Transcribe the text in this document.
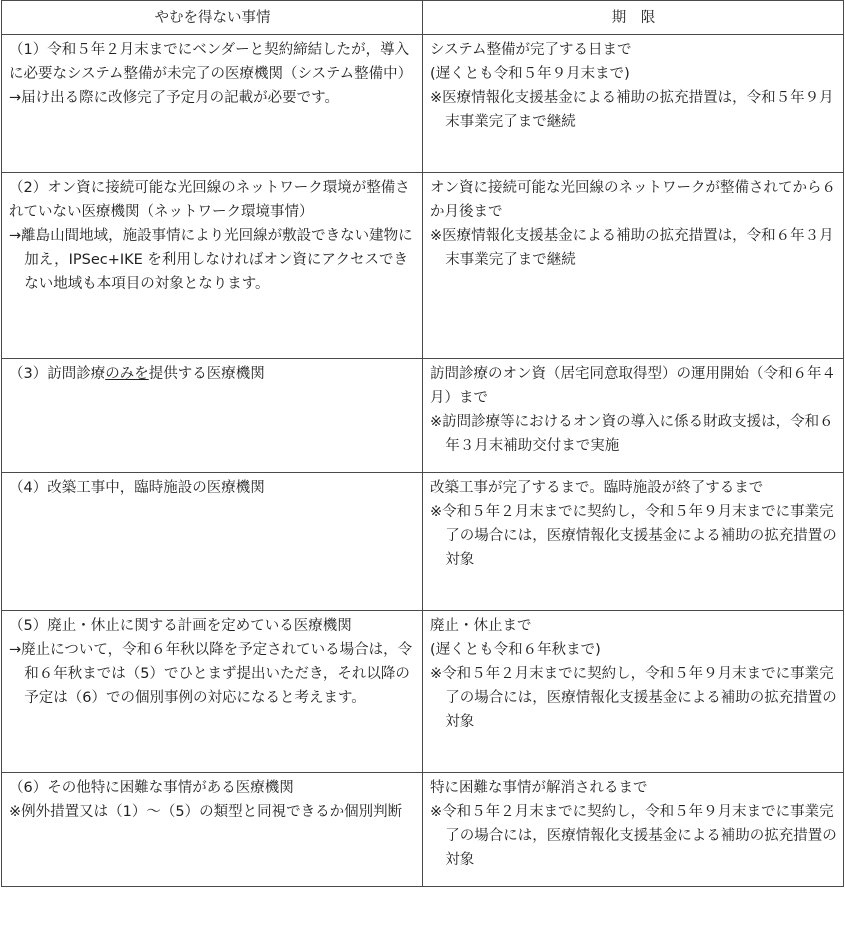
やむを得ない事情	期　限

（1）令和５年２月末までにベンダーと契約締結したが，導入に必要なシステム整備が未完了の医療機関（システム整備中）
→届け出る際に改修完了予定月の記載が必要です。	システム整備が完了する日まで
(遅くとも令和５年９月末まで)
※医療情報化支援基金による補助の拡充措置は，令和５年９月末事業完了まで継続

（2）オン資に接続可能な光回線のネットワーク環境が整備されていない医療機関（ネットワーク環境事情）
→離島山間地域，施設事情により光回線が敷設できない建物に加え，IPSec+IKE を利用しなければオン資にアクセスできない地域も本項目の対象となります。	オン資に接続可能な光回線のネットワークが整備されてから６か月後まで
※医療情報化支援基金による補助の拡充措置は，令和６年３月末事業完了まで継続

（3）訪問診療のみを提供する医療機関	訪問診療のオン資（居宅同意取得型）の運用開始（令和６年４月）まで
※訪問診療等におけるオン資の導入に係る財政支援は，令和６年３月末補助交付まで実施

（4）改築工事中，臨時施設の医療機関	改築工事が完了するまで。臨時施設が終了するまで
※令和５年２月末までに契約し，令和５年９月末までに事業完了の場合には，医療情報化支援基金による補助の拡充措置の対象

（5）廃止・休止に関する計画を定めている医療機関
→廃止について，令和６年秋以降を予定されている場合は，令和６年秋までは（5）でひとまず提出いただき，それ以降の予定は（6）での個別事例の対応になると考えます。	廃止・休止まで
(遅くとも令和６年秋まで)
※令和５年２月末までに契約し，令和５年９月末までに事業完了の場合には，医療情報化支援基金による補助の拡充措置の対象

（6）その他特に困難な事情がある医療機関
※例外措置又は（1）～（5）の類型と同視できるか個別判断	特に困難な事情が解消されるまで
※令和５年２月末までに契約し，令和５年９月末までに事業完了の場合には，医療情報化支援基金による補助の拡充措置の対象
